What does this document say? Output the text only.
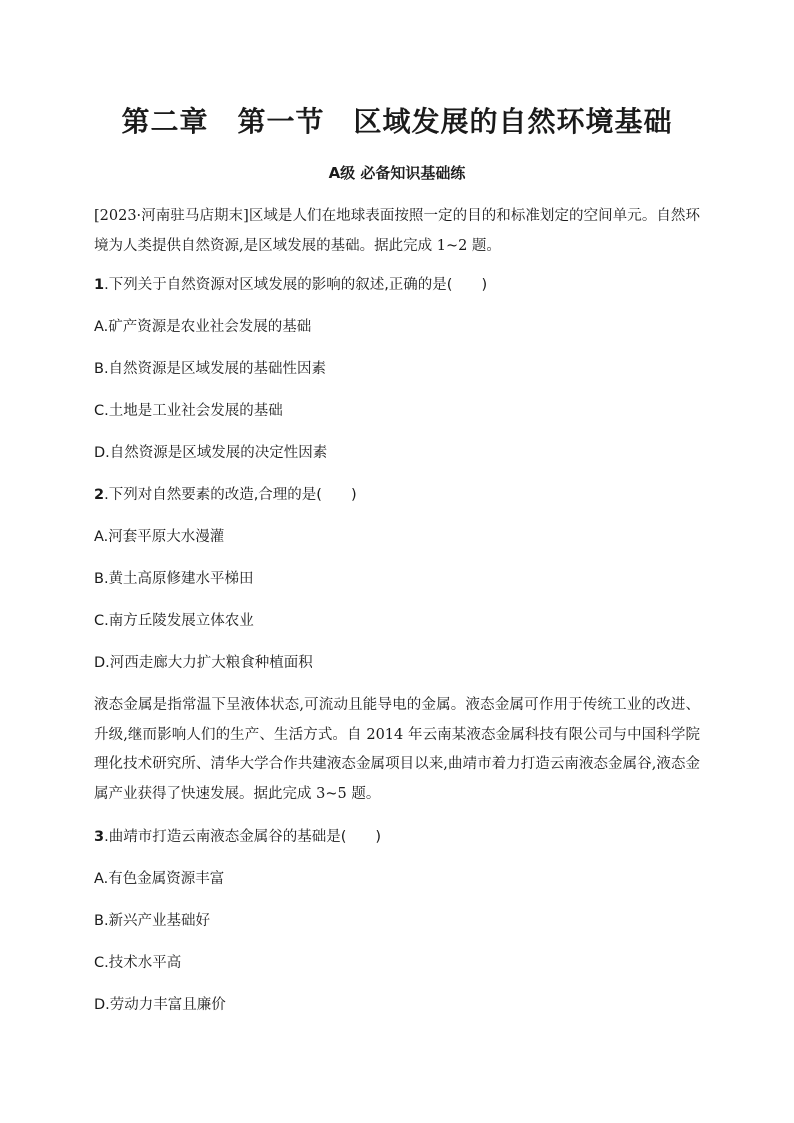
第二章　第一节　区域发展的自然环境基础
A级 必备知识基础练
[2023·河南驻马店期末]区域是人们在地球表面按照一定的目的和标准划定的空间单元。自然环境为人类提供自然资源,是区域发展的基础。据此完成 1~2 题。
1.下列关于自然资源对区域发展的影响的叙述,正确的是(　　)
A.矿产资源是农业社会发展的基础
B.自然资源是区域发展的基础性因素
C.土地是工业社会发展的基础
D.自然资源是区域发展的决定性因素
2.下列对自然要素的改造,合理的是(　　)
A.河套平原大水漫灌
B.黄土高原修建水平梯田
C.南方丘陵发展立体农业
D.河西走廊大力扩大粮食种植面积
液态金属是指常温下呈液体状态,可流动且能导电的金属。液态金属可作用于传统工业的改进、升级,继而影响人们的生产、生活方式。自 2014 年云南某液态金属科技有限公司与中国科学院理化技术研究所、清华大学合作共建液态金属项目以来,曲靖市着力打造云南液态金属谷,液态金属产业获得了快速发展。据此完成 3~5 题。
3.曲靖市打造云南液态金属谷的基础是(　　)
A.有色金属资源丰富
B.新兴产业基础好
C.技术水平高
D.劳动力丰富且廉价
